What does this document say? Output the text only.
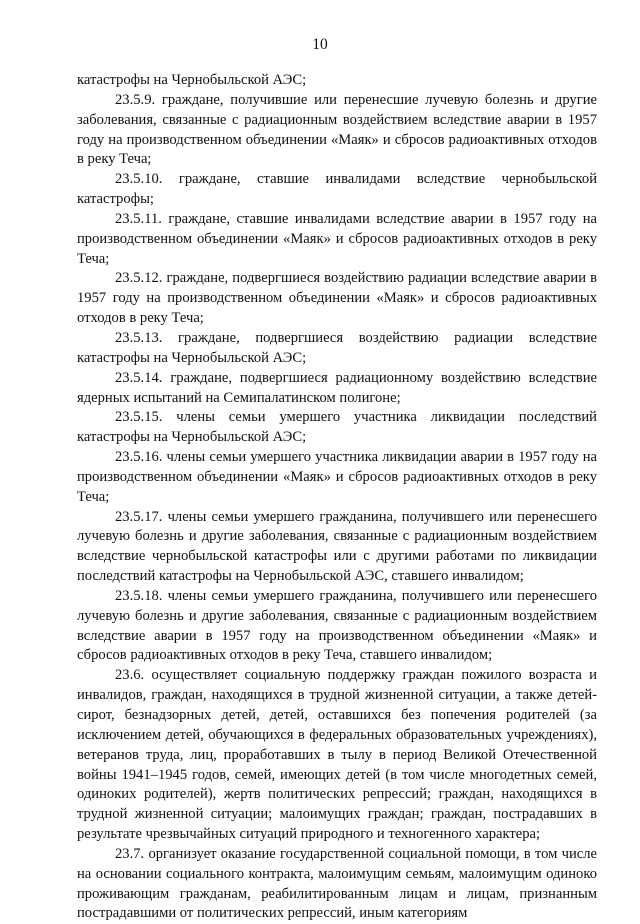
10

катастрофы на Чернобыльской АЭС;

23.5.9. граждане, получившие или перенесшие лучевую болезнь и другие заболевания, связанные с радиационным воздействием вследствие аварии в 1957 году на производственном объединении «Маяк» и сбросов радиоактивных отходов в реку Теча;

23.5.10. граждане, ставшие инвалидами вследствие чернобыльской катастрофы;

23.5.11. граждане, ставшие инвалидами вследствие аварии в 1957 году на производственном объединении «Маяк» и сбросов радиоактивных отходов в реку Теча;

23.5.12. граждане, подвергшиеся воздействию радиации вследствие аварии в 1957 году на производственном объединении «Маяк» и сбросов радиоактивных отходов в реку Теча;

23.5.13. граждане, подвергшиеся воздействию радиации вследствие катастрофы на Чернобыльской АЭС;

23.5.14. граждане, подвергшиеся радиационному воздействию вследствие ядерных испытаний на Семипалатинском полигоне;

23.5.15. члены семьи умершего участника ликвидации последствий катастрофы на Чернобыльской АЭС;

23.5.16. члены семьи умершего участника ликвидации аварии в 1957 году на производственном объединении «Маяк» и сбросов радиоактивных отходов в реку Теча;

23.5.17. члены семьи умершего гражданина, получившего или перенесшего лучевую болезнь и другие заболевания, связанные с радиационным воздействием вследствие чернобыльской катастрофы или с другими работами по ликвидации последствий катастрофы на Чернобыльской АЭС, ставшего инвалидом;

23.5.18. члены семьи умершего гражданина, получившего или перенесшего лучевую болезнь и другие заболевания, связанные с радиационным воздействием вследствие аварии в 1957 году на производственном объединении «Маяк» и сбросов радиоактивных отходов в реку Теча, ставшего инвалидом;

23.6. осуществляет социальную поддержку граждан пожилого возраста и инвалидов, граждан, находящихся в трудной жизненной ситуации, а также детей-сирот, безнадзорных детей, детей, оставшихся без попечения родителей (за исключением детей, обучающихся в федеральных образовательных учреждениях), ветеранов труда, лиц, проработавших в тылу в период Великой Отечественной войны 1941–1945 годов, семей, имеющих детей (в том числе многодетных семей, одиноких родителей), жертв политических репрессий; граждан, находящихся в трудной жизненной ситуации; малоимущих граждан; граждан, пострадавших в результате чрезвычайных ситуаций природного и техногенного характера;

23.7. организует оказание государственной социальной помощи, в том числе на основании социального контракта, малоимущим семьям, малоимущим одиноко проживающим гражданам, реабилитированным лицам и лицам, признанным пострадавшими от политических репрессий, иным категориям
